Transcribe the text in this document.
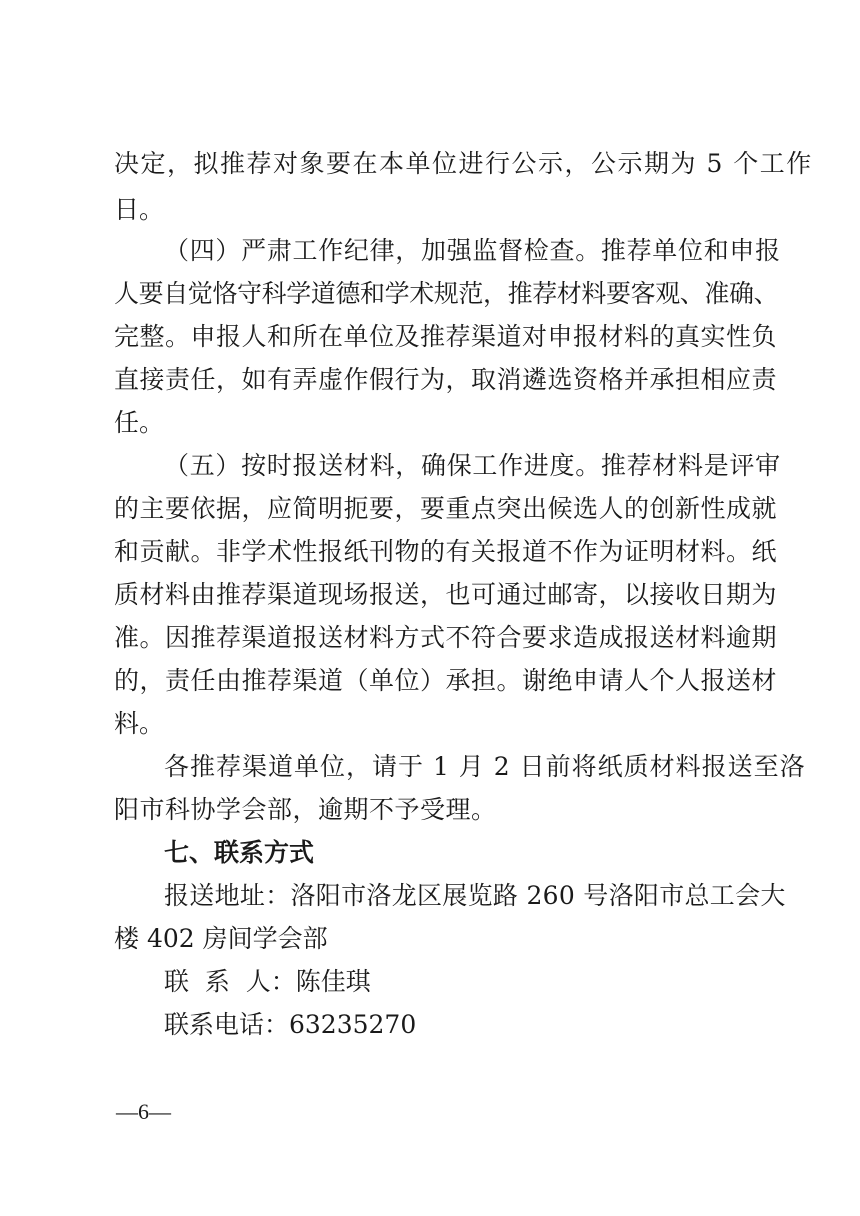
决定，拟推荐对象要在本单位进行公示，公示期为 5 个工作
日。
（四）严肃工作纪律，加强监督检查。推荐单位和申报
人要自觉恪守科学道德和学术规范，推荐材料要客观、准确、
完整。申报人和所在单位及推荐渠道对申报材料的真实性负
直接责任，如有弄虚作假行为，取消遴选资格并承担相应责
任。
（五）按时报送材料，确保工作进度。推荐材料是评审
的主要依据，应简明扼要，要重点突出候选人的创新性成就
和贡献。非学术性报纸刊物的有关报道不作为证明材料。纸
质材料由推荐渠道现场报送，也可通过邮寄，以接收日期为
准。因推荐渠道报送材料方式不符合要求造成报送材料逾期
的，责任由推荐渠道（单位）承担。谢绝申请人个人报送材
料。
各推荐渠道单位，请于 1 月 2 日前将纸质材料报送至洛
阳市科协学会部，逾期不予受理。
七、联系方式
报送地址：洛阳市洛龙区展览路 260 号洛阳市总工会大
楼 402 房间学会部
联  系  人：陈佳琪
联系电话：63235270
—6—
